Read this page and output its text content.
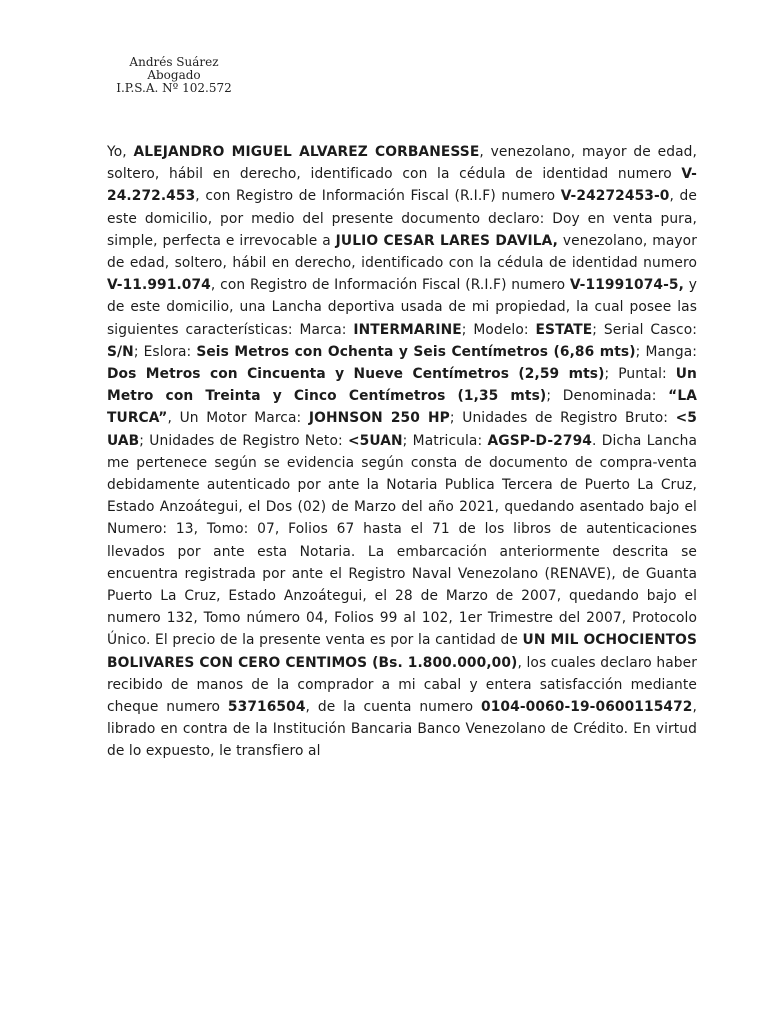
Andrés Suárez
Abogado
I.P.S.A. Nº 102.572
Yo, ALEJANDRO MIGUEL ALVAREZ CORBANESSE, venezolano, mayor de edad, soltero, hábil en derecho, identificado con la cédula de identidad numero V-24.272.453, con Registro de Información Fiscal (R.I.F) numero V-24272453-0, de este domicilio, por medio del presente documento declaro: Doy en venta pura, simple, perfecta e irrevocable a JULIO CESAR LARES DAVILA, venezolano, mayor de edad, soltero, hábil en derecho, identificado con la cédula de identidad numero V-11.991.074, con Registro de Información Fiscal (R.I.F) numero V-11991074-5, y de este domicilio, una Lancha deportiva usada de mi propiedad, la cual posee las siguientes características: Marca: INTERMARINE; Modelo: ESTATE; Serial Casco: S/N; Eslora: Seis Metros con Ochenta y Seis Centímetros (6,86 mts); Manga: Dos Metros con Cincuenta y Nueve Centímetros (2,59 mts); Puntal: Un Metro con Treinta y Cinco Centímetros (1,35 mts); Denominada: “LA TURCA”, Un Motor Marca: JOHNSON 250 HP; Unidades de Registro Bruto: <5 UAB; Unidades de Registro Neto: <5UAN; Matricula: AGSP-D-2794. Dicha Lancha me pertenece según se evidencia según consta de documento de compra-venta debidamente autenticado por ante la Notaria Publica Tercera de Puerto La Cruz, Estado Anzoátegui, el Dos (02) de Marzo del año 2021, quedando asentado bajo el Numero: 13, Tomo: 07, Folios 67 hasta el 71 de los libros de autenticaciones llevados por ante esta Notaria. La embarcación anteriormente descrita se encuentra registrada por ante el Registro Naval Venezolano (RENAVE), de Guanta Puerto La Cruz, Estado Anzoátegui, el 28 de Marzo de 2007, quedando bajo el numero 132, Tomo número 04, Folios 99 al 102, 1er Trimestre del 2007, Protocolo Único. El precio de la presente venta es por la cantidad de UN MIL OCHOCIENTOS BOLIVARES CON CERO CENTIMOS (Bs. 1.800.000,00), los cuales declaro haber recibido de manos de la comprador a mi cabal y entera satisfacción mediante cheque numero 53716504, de la cuenta numero 0104-0060-19-0600115472, librado en contra de la Institución Bancaria Banco Venezolano de Crédito. En virtud de lo expuesto, le transfiero al
